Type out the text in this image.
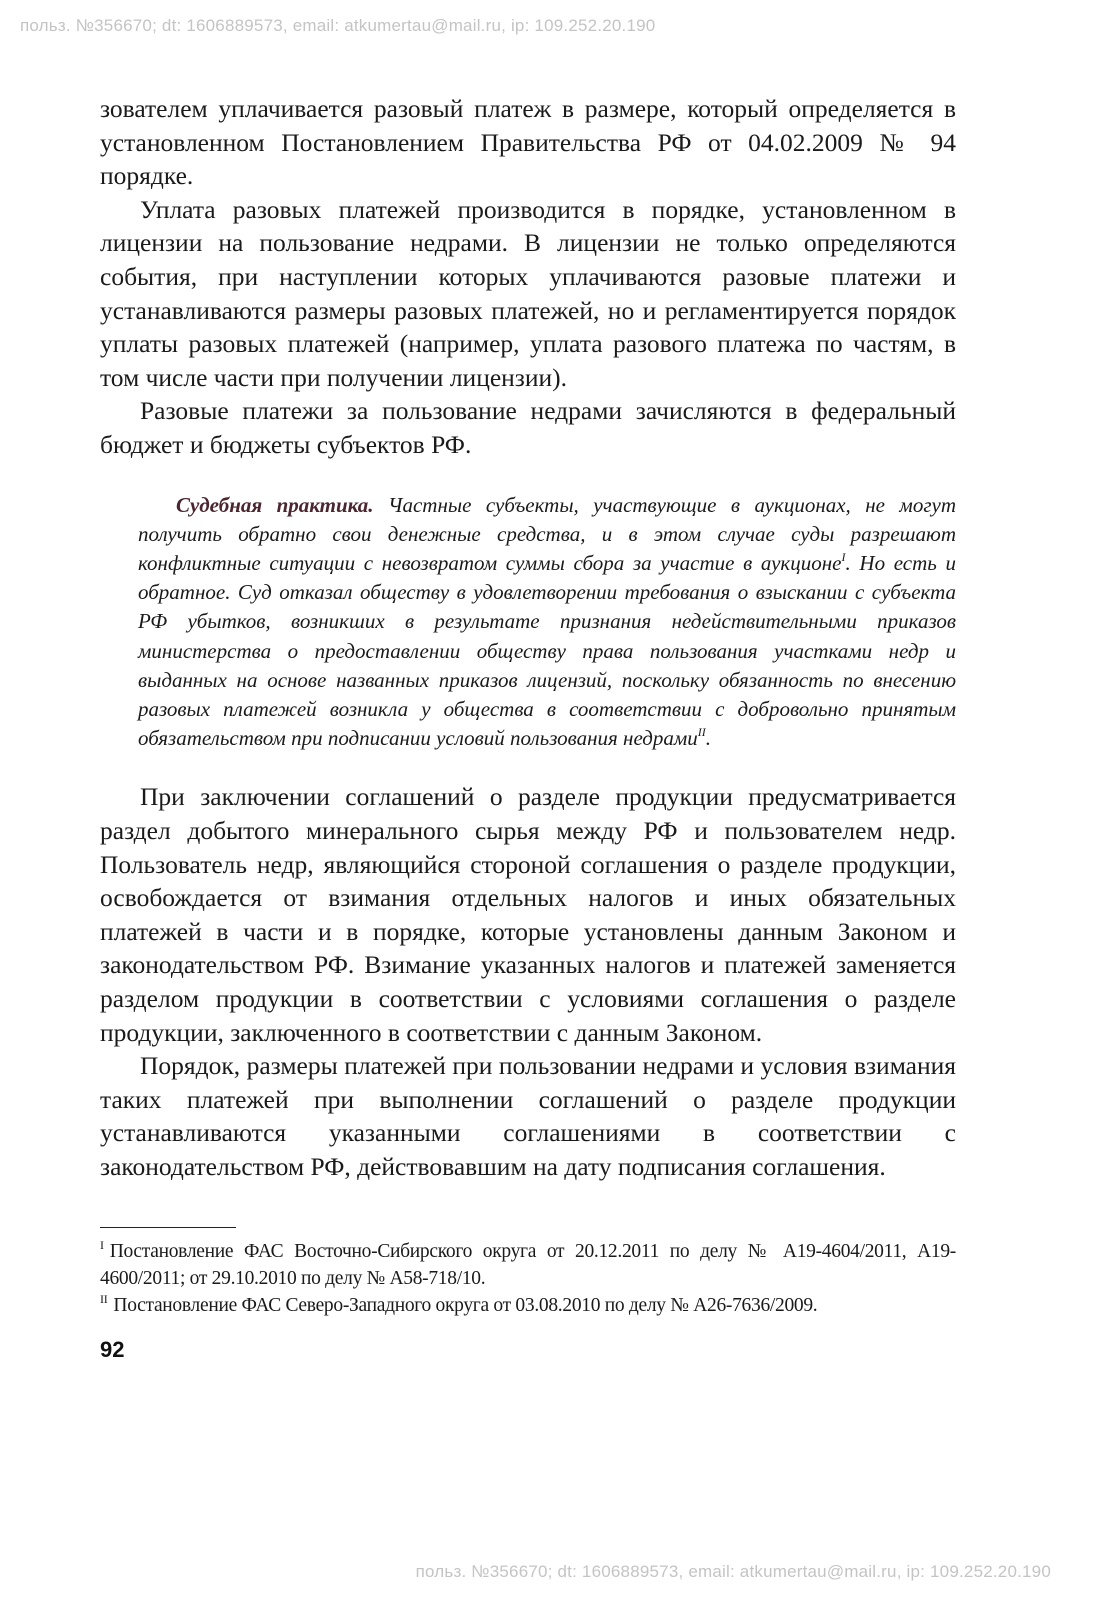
польз. №356670; dt: 1606889573, email: atkumertau@mail.ru, ip: 109.252.20.190

зователем уплачивается разовый платеж в размере, который определяется в установленном Постановлением Правительства РФ от 04.02.2009 № 94 порядке.

Уплата разовых платежей производится в порядке, установленном в лицензии на пользование недрами. В лицензии не только определяются события, при наступлении которых уплачиваются разовые платежи и устанавливаются размеры разовых платежей, но и регламентируется порядок уплаты разовых платежей (например, уплата разового платежа по частям, в том числе части при получении лицензии).

Разовые платежи за пользование недрами зачисляются в федеральный бюджет и бюджеты субъектов РФ.

Судебная практика. Частные субъекты, участвующие в аукционах, не могут получить обратно свои денежные средства, и в этом случае суды разрешают конфликтные ситуации с невозвратом суммы сбора за участие в аукционе$^I$. Но есть и обратное. Суд отказал обществу в удовлетворении требования о взыскании с субъекта РФ убытков, возникших в результате признания недействительными приказов министерства о предоставлении обществу права пользования участками недр и выданных на основе названных приказов лицензий, поскольку обязанность по внесению разовых платежей возникла у общества в соответствии с добровольно принятым обязательством при подписании условий пользования недрами$^{II}$.

При заключении соглашений о разделе продукции предусматривается раздел добытого минерального сырья между РФ и пользователем недр. Пользователь недр, являющийся стороной соглашения о разделе продукции, освобождается от взимания отдельных налогов и иных обязательных платежей в части и в порядке, которые установлены данным Законом и законодательством РФ. Взимание указанных налогов и платежей заменяется разделом продукции в соответствии с условиями соглашения о разделе продукции, заключенного в соответствии с данным Законом.

Порядок, размеры платежей при пользовании недрами и условия взимания таких платежей при выполнении соглашений о разделе продукции устанавливаются указанными соглашениями в соответствии с законодательством РФ, действовавшим на дату подписания соглашения.

$^I$ Постановление ФАС Восточно-Сибирского округа от 20.12.2011 по делу № А19-4604/2011, А19-4600/2011; от 29.10.2010 по делу № А58-718/10.

$^{II}$ Постановление ФАС Северо-Западного округа от 03.08.2010 по делу № А26-7636/2009.

92
польз. №356670; dt: 1606889573, email: atkumertau@mail.ru, ip: 109.252.20.190
